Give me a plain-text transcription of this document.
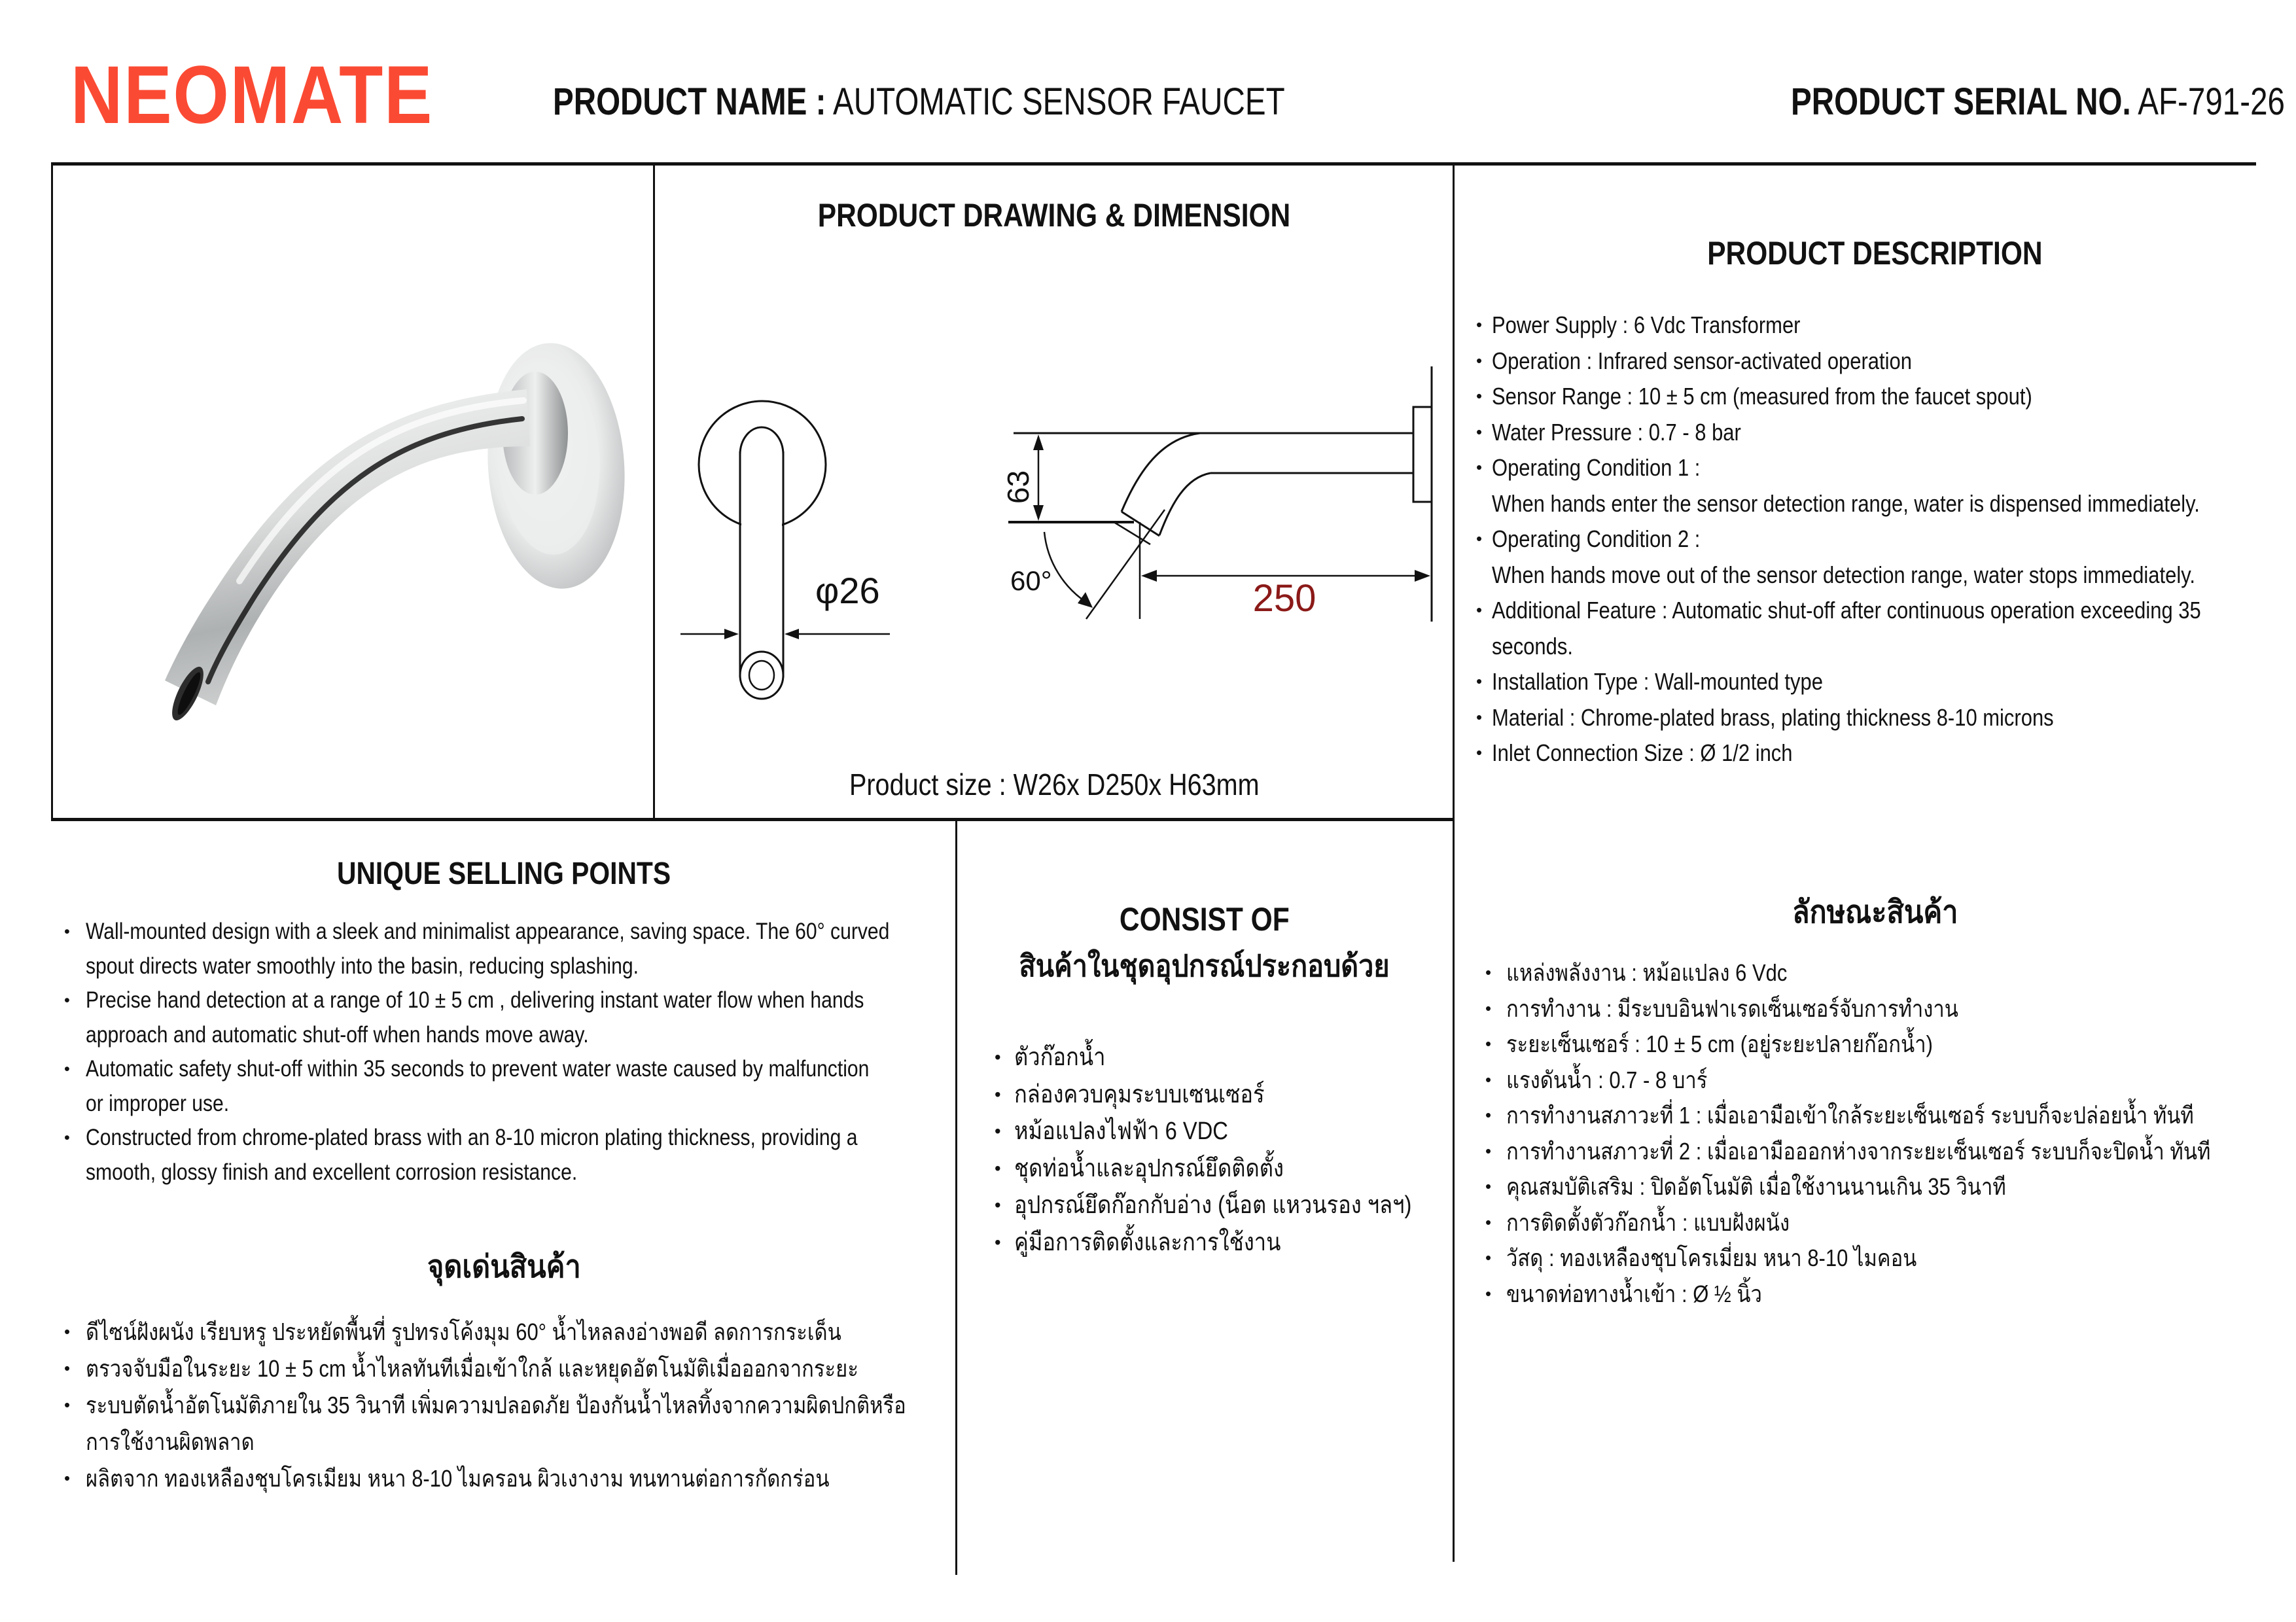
NEOMATE	PRODUCT NAME : AUTOMATIC SENSOR FAUCET	PRODUCT SERIAL NO. AF-791-26
PRODUCT DRAWING & DIMENSION
φ26
63
60°	250
Product size : W26x D250x H63mm
PRODUCT DESCRIPTION
• Power Supply : 6 Vdc Transformer
• Operation : Infrared sensor-activated operation
• Sensor Range : 10 ± 5 cm (measured from the faucet spout)
• Water Pressure : 0.7 - 8 bar
• Operating Condition 1 :
When hands enter the sensor detection range, water is dispensed immediately.
• Operating Condition 2 :
When hands move out of the sensor detection range, water stops immediately.
• Additional Feature : Automatic shut-off after continuous operation exceeding 35
seconds.
• Installation Type : Wall-mounted type
• Material : Chrome-plated brass, plating thickness 8-10 microns
• Inlet Connection Size : Ø 1/2 inch
UNIQUE SELLING POINTS
• Wall-mounted design with a sleek and minimalist appearance, saving space. The 60° curved
spout directs water smoothly into the basin, reducing splashing.
• Precise hand detection at a range of 10 ± 5 cm , delivering instant water flow when hands
approach and automatic shut-off when hands move away.
• Automatic safety shut-off within 35 seconds to prevent water waste caused by malfunction
or improper use.
• Constructed from chrome-plated brass with an 8-10 micron plating thickness, providing a
smooth, glossy finish and excellent corrosion resistance.
จุดเด่นสินค้า
• ดีไซน์ฝังผนัง เรียบหรู ประหยัดพื้นที่ รูปทรงโค้งมุม 60° น้ำไหลลงอ่างพอดี ลดการกระเด็น
• ตรวจจับมือในระยะ 10 ± 5 cm น้ำไหลทันทีเมื่อเข้าใกล้ และหยุดอัตโนมัติเมื่อออกจากระยะ
• ระบบตัดน้ำอัตโนมัติภายใน 35 วินาที เพิ่มความปลอดภัย ป้องกันน้ำไหลทิ้งจากความผิดปกติหรือ
การใช้งานผิดพลาด
• ผลิตจาก ทองเหลืองชุบโครเมียม หนา 8-10 ไมครอน ผิวเงางาม ทนทานต่อการกัดกร่อน
CONSIST OF
สินค้าในชุดอุปกรณ์ประกอบด้วย
• ตัวก๊อกน้ำ
• กล่องควบคุมระบบเซนเซอร์
• หม้อแปลงไฟฟ้า 6 VDC
• ชุดท่อน้ำและอุปกรณ์ยึดติดตั้ง
• อุปกรณ์ยึดก๊อกกับอ่าง (น็อต แหวนรอง ฯลฯ)
• คู่มือการติดตั้งและการใช้งาน
ลักษณะสินค้า
• แหล่งพลังงาน : หม้อแปลง 6 Vdc
• การทำงาน : มีระบบอินฟาเรดเซ็นเซอร์จับการทำงาน
• ระยะเซ็นเซอร์ : 10 ± 5 cm (อยู่ระยะปลายก๊อกน้ำ)
• แรงดันน้ำ : 0.7 - 8 บาร์
• การทำงานสภาวะที่ 1 : เมื่อเอามือเข้าใกล้ระยะเซ็นเซอร์ ระบบก็จะปล่อยน้ำ ทันที
• การทำงานสภาวะที่ 2 : เมื่อเอามือออกห่างจากระยะเซ็นเซอร์ ระบบก็จะปิดน้ำ ทันที
• คุณสมบัติเสริม : ปิดอัตโนมัติ เมื่อใช้งานนานเกิน 35 วินาที
• การติดตั้งตัวก๊อกน้ำ : แบบฝังผนัง
• วัสดุ : ทองเหลืองชุบโครเมี่ยม หนา 8-10 ไมคอน
• ขนาดท่อทางน้ำเข้า : Ø ½ นิ้ว
